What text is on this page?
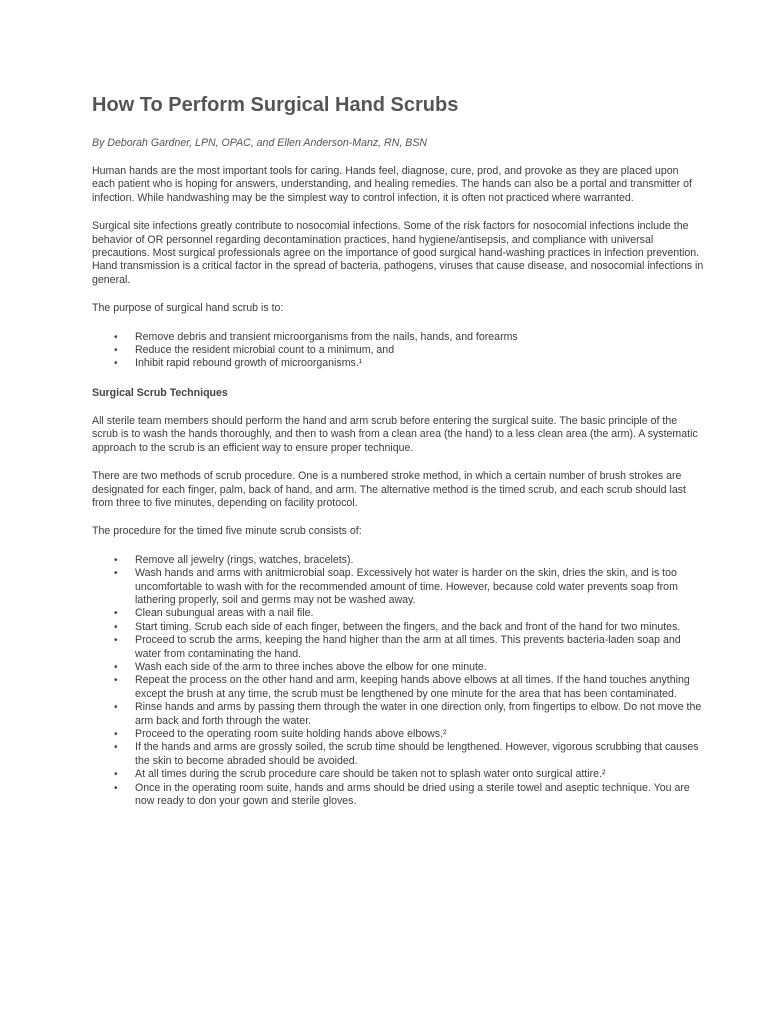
How To Perform Surgical Hand Scrubs
By Deborah Gardner, LPN, OPAC, and Ellen Anderson-Manz, RN, BSN

Human hands are the most important tools for caring. Hands feel, diagnose, cure, prod, and provoke as they are placed upon each patient who is hoping for answers, understanding, and healing remedies. The hands can also be a portal and transmitter of infection. While handwashing may be the simplest way to control infection, it is often not practiced where warranted.

Surgical site infections greatly contribute to nosocomial infections. Some of the risk factors for nosocomial infections include the behavior of OR personnel regarding decontamination practices, hand hygiene/antisepsis, and compliance with universal precautions. Most surgical professionals agree on the importance of good surgical hand-washing practices in infection prevention. Hand transmission is a critical factor in the spread of bacteria, pathogens, viruses that cause disease, and nosocomial infections in general.

The purpose of surgical hand scrub is to:

• Remove debris and transient microorganisms from the nails, hands, and forearms
• Reduce the resident microbial count to a minimum, and
• Inhibit rapid rebound growth of microorganisms.¹
Surgical Scrub Techniques

All sterile team members should perform the hand and arm scrub before entering the surgical suite. The basic principle of the scrub is to wash the hands thoroughly, and then to wash from a clean area (the hand) to a less clean area (the arm). A systematic approach to the scrub is an efficient way to ensure proper technique.

There are two methods of scrub procedure. One is a numbered stroke method, in which a certain number of brush strokes are designated for each finger, palm, back of hand, and arm. The alternative method is the timed scrub, and each scrub should last from three to five minutes, depending on facility protocol.

The procedure for the timed five minute scrub consists of:

• Remove all jewelry (rings, watches, bracelets).
• Wash hands and arms with anitmicrobial soap. Excessively hot water is harder on the skin, dries the skin, and is too uncomfortable to wash with for the recommended amount of time. However, because cold water prevents soap from lathering properly, soil and germs may not be washed away.
• Clean subungual areas with a nail file.
• Start timing. Scrub each side of each finger, between the fingers, and the back and front of the hand for two minutes.
• Proceed to scrub the arms, keeping the hand higher than the arm at all times. This prevents bacteria-laden soap and water from contaminating the hand.
• Wash each side of the arm to three inches above the elbow for one minute.
• Repeat the process on the other hand and arm, keeping hands above elbows at all times. If the hand touches anything except the brush at any time, the scrub must be lengthened by one minute for the area that has been contaminated.
• Rinse hands and arms by passing them through the water in one direction only, from fingertips to elbow. Do not move the arm back and forth through the water.
• Proceed to the operating room suite holding hands above elbows.²
• If the hands and arms are grossly soiled, the scrub time should be lengthened. However, vigorous scrubbing that causes the skin to become abraded should be avoided.
• At all times during the scrub procedure care should be taken not to splash water onto surgical attire.²
• Once in the operating room suite, hands and arms should be dried using a sterile towel and aseptic technique. You are now ready to don your gown and sterile gloves.
